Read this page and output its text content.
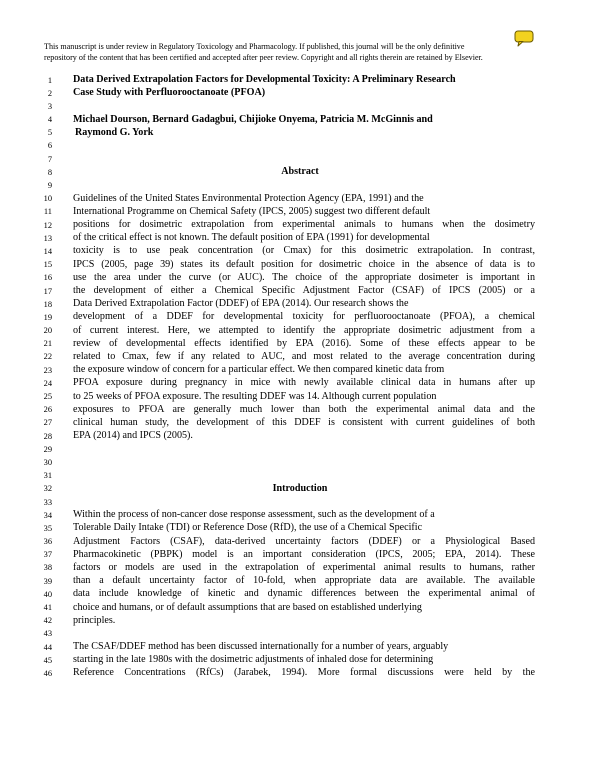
This manuscript is under review in Regulatory Toxicology and Pharmacology. If published, this journal will be the only definitive
repository of the content that has been certified and accepted after peer review. Copyright and all rights therein are retained by Elsevier.
1 Data Derived Extrapolation Factors for Developmental Toxicity: A Preliminary Research
2 Case Study with Perfluorooctanoate (PFOA)
3
4 Michael Dourson, Bernard Gadagbui, Chijioke Onyema, Patricia M. McGinnis and
5 Raymond G. York
6
7
8	Abstract
9
10 Guidelines of the United States Environmental Protection Agency (EPA, 1991) and the
11 International Programme on Chemical Safety (IPCS, 2005) suggest two different default
12 positions for dosimetric extrapolation from experimental animals to humans when the dosimetry
13 of the critical effect is not known. The default position of EPA (1991) for developmental
14 toxicity is to use peak concentration (or Cmax) for this dosimetric extrapolation. In contrast,
15 IPCS (2005, page 39) states its default position for dosimetric choice in the absence of data is to
16 use the area under the curve (or AUC). The choice of the appropriate dosimeter is important in
17 the development of either a Chemical Specific Adjustment Factor (CSAF) of IPCS (2005) or a
18 Data Derived Extrapolation Factor (DDEF) of EPA (2014). Our research shows the
19 development of a DDEF for developmental toxicity for perfluorooctanoate (PFOA), a chemical
20 of current interest. Here, we attempted to identify the appropriate dosimetric adjustment from a
21 review of developmental effects identified by EPA (2016). Some of these effects appear to be
22 related to Cmax, few if any related to AUC, and most related to the average concentration during
23 the exposure window of concern for a particular effect. We then compared kinetic data from
24 PFOA exposure during pregnancy in mice with newly available clinical data in humans after up
25 to 25 weeks of PFOA exposure. The resulting DDEF was 14. Although current population
26 exposures to PFOA are generally much lower than both the experimental animal data and the
27 clinical human study, the development of this DDEF is consistent with current guidelines of both
28 EPA (2014) and IPCS (2005).
29
30
31
32	Introduction
33
34 Within the process of non-cancer dose response assessment, such as the development of a
35 Tolerable Daily Intake (TDI) or Reference Dose (RfD), the use of a Chemical Specific
36 Adjustment Factors (CSAF), data-derived uncertainty factors (DDEF) or a Physiological Based
37 Pharmacokinetic (PBPK) model is an important consideration (IPCS, 2005; EPA, 2014). These
38 factors or models are used in the extrapolation of experimental animal results to humans, rather
39 than a default uncertainty factor of 10-fold, when appropriate data are available. The available
40 data include knowledge of kinetic and dynamic differences between the experimental animal of
41 choice and humans, or of default assumptions that are based on established underlying
42 principles.
43
44 The CSAF/DDEF method has been discussed internationally for a number of years, arguably
45 starting in the late 1980s with the dosimetric adjustments of inhaled dose for determining
46 Reference Concentrations (RfCs) (Jarabek, 1994). More formal discussions were held by the
